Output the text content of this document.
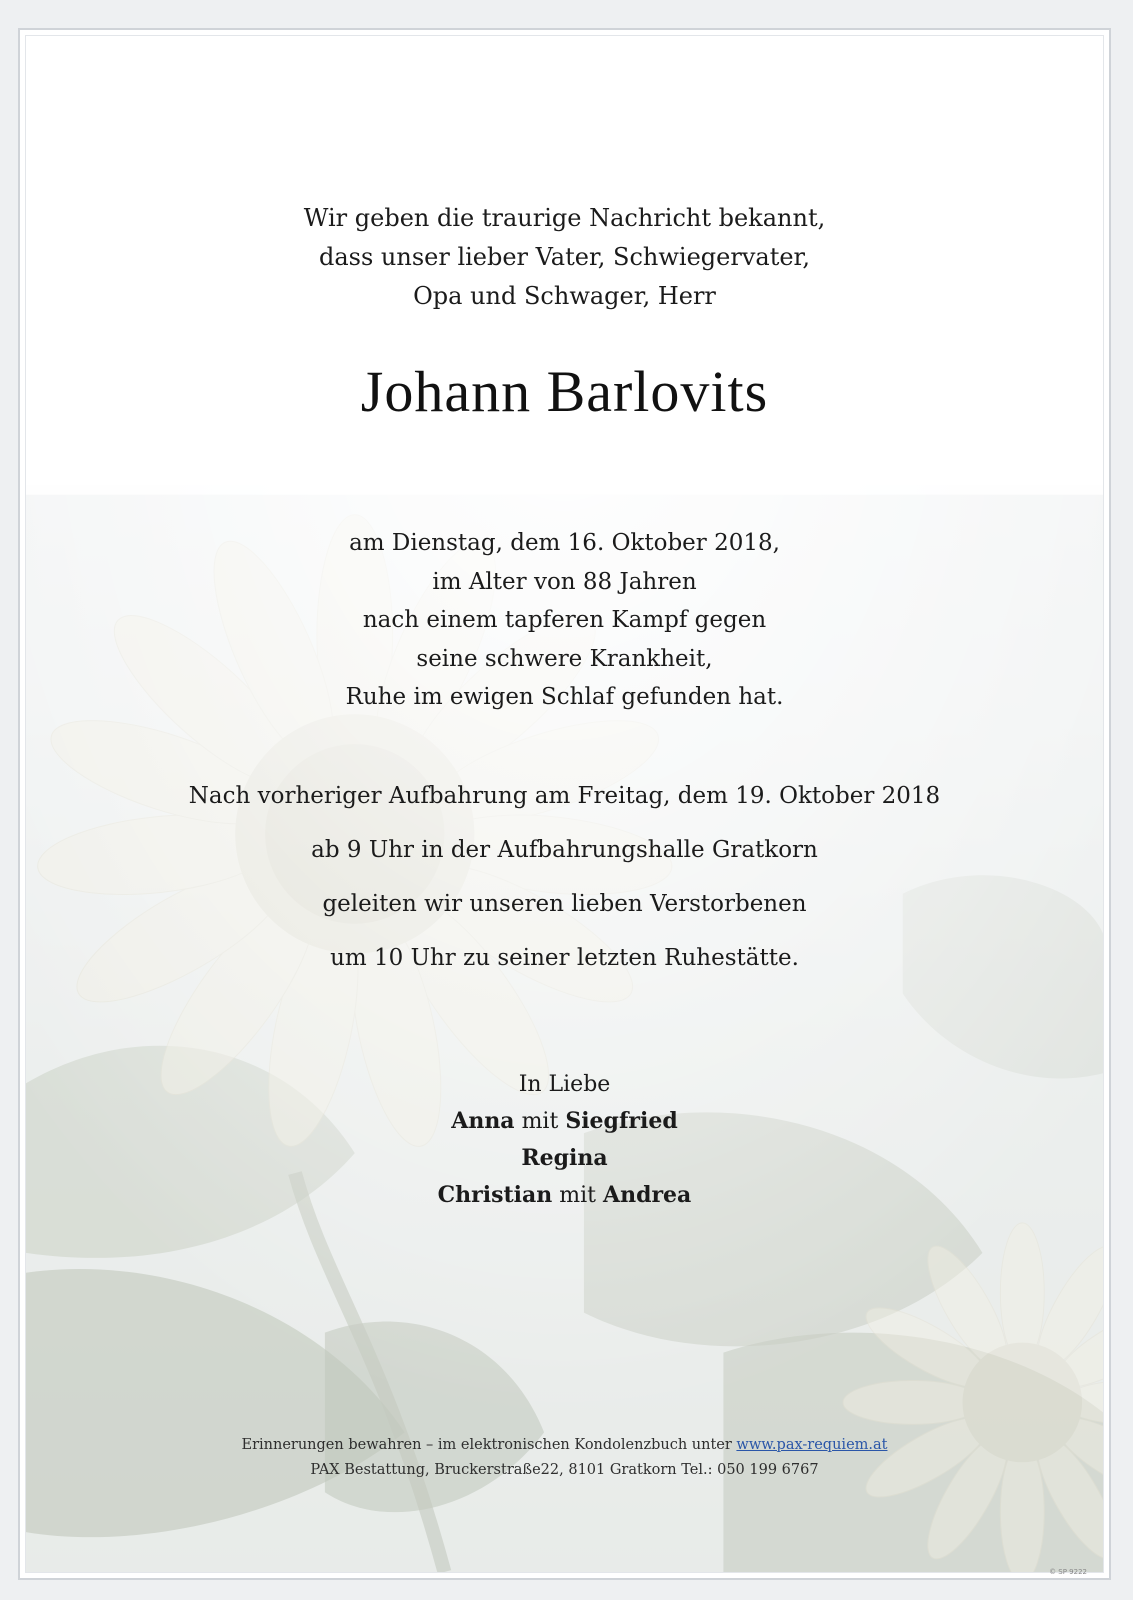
Wir geben die traurige Nachricht bekannt,
dass unser lieber Vater, Schwiegervater,
Opa und Schwager, Herr
Johann Barlovits
am Dienstag, dem 16. Oktober 2018,
im Alter von 88 Jahren
nach einem tapferen Kampf gegen
seine schwere Krankheit,
Ruhe im ewigen Schlaf gefunden hat.
Nach vorheriger Aufbahrung am Freitag, dem 19. Oktober 2018
ab 9 Uhr in der Aufbahrungshalle Gratkorn
geleiten wir unseren lieben Verstorbenen
um 10 Uhr zu seiner letzten Ruhestätte.
In Liebe
Anna mit Siegfried
Regina
Christian mit Andrea
Erinnerungen bewahren – im elektronischen Kondolenzbuch unter www.pax-requiem.at
PAX Bestattung, Bruckerstraße22, 8101 Gratkorn Tel.: 050 199 6767
© SP 9222
